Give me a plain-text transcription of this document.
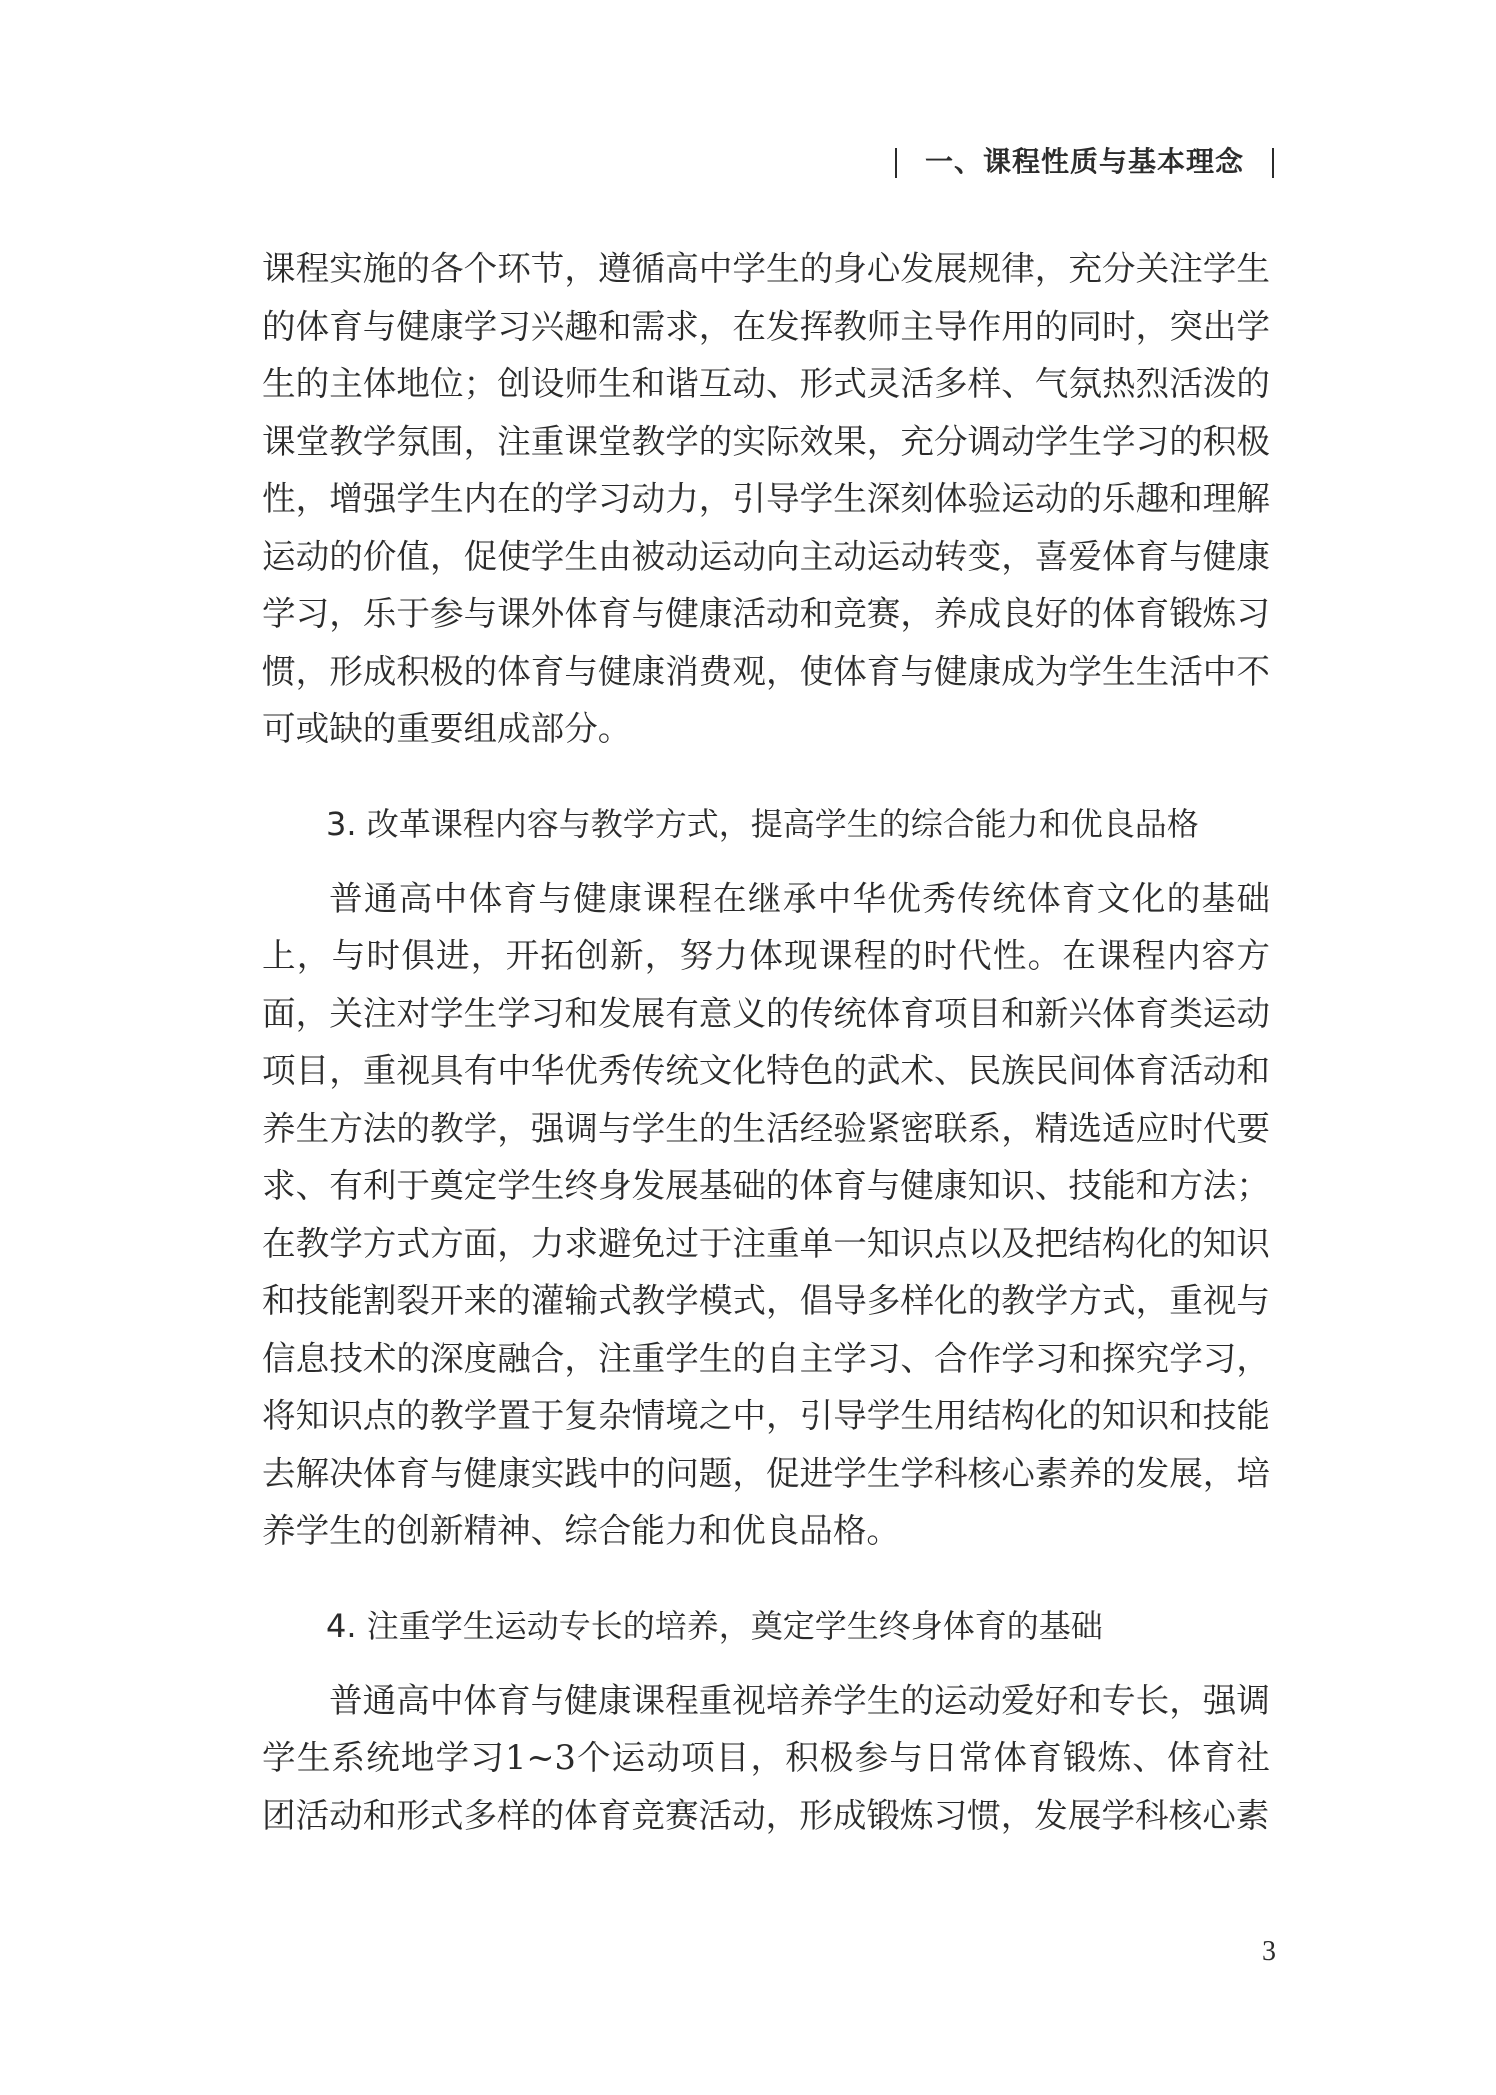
一、课程性质与基本理念

课程实施的各个环节，遵循高中学生的身心发展规律，充分关注学生的体育与健康学习兴趣和需求，在发挥教师主导作用的同时，突出学生的主体地位；创设师生和谐互动、形式灵活多样、气氛热烈活泼的课堂教学氛围，注重课堂教学的实际效果，充分调动学生学习的积极性，增强学生内在的学习动力，引导学生深刻体验运动的乐趣和理解运动的价值，促使学生由被动运动向主动运动转变，喜爱体育与健康学习，乐于参与课外体育与健康活动和竞赛，养成良好的体育锻炼习惯，形成积极的体育与健康消费观，使体育与健康成为学生生活中不可或缺的重要组成部分。

3. 改革课程内容与教学方式，提高学生的综合能力和优良品格

普通高中体育与健康课程在继承中华优秀传统体育文化的基础上，与时俱进，开拓创新，努力体现课程的时代性。在课程内容方面，关注对学生学习和发展有意义的传统体育项目和新兴体育类运动项目，重视具有中华优秀传统文化特色的武术、民族民间体育活动和养生方法的教学，强调与学生的生活经验紧密联系，精选适应时代要求、有利于奠定学生终身发展基础的体育与健康知识、技能和方法；在教学方式方面，力求避免过于注重单一知识点以及把结构化的知识和技能割裂开来的灌输式教学模式，倡导多样化的教学方式，重视与信息技术的深度融合，注重学生的自主学习、合作学习和探究学习，将知识点的教学置于复杂情境之中，引导学生用结构化的知识和技能去解决体育与健康实践中的问题，促进学生学科核心素养的发展，培养学生的创新精神、综合能力和优良品格。

4. 注重学生运动专长的培养，奠定学生终身体育的基础

普通高中体育与健康课程重视培养学生的运动爱好和专长，强调学生系统地学习1~3个运动项目，积极参与日常体育锻炼、体育社团活动和形式多样的体育竞赛活动，形成锻炼习惯，发展学科核心素

3
